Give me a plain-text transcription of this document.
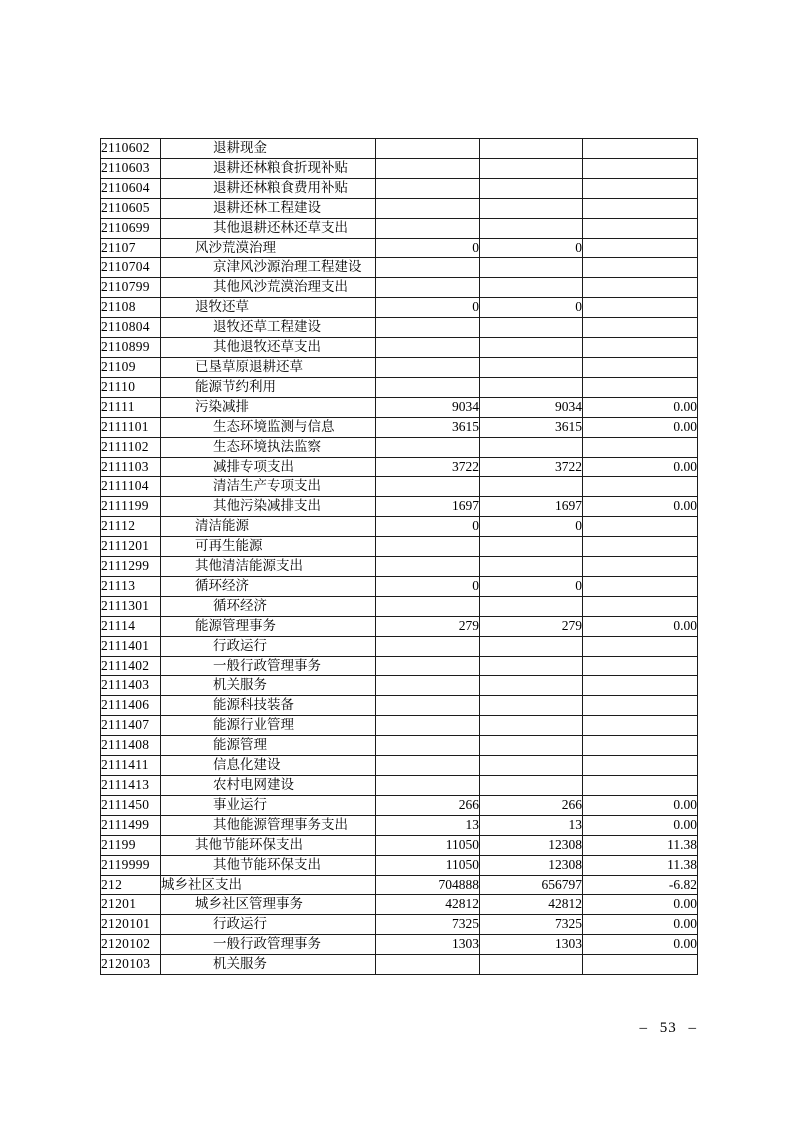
2110602	退耕现金			
2110603	退耕还林粮食折现补贴			
2110604	退耕还林粮食费用补贴			
2110605	退耕还林工程建设			
2110699	其他退耕还林还草支出			
21107	风沙荒漠治理	0	0	
2110704	京津风沙源治理工程建设			
2110799	其他风沙荒漠治理支出			
21108	退牧还草	0	0	
2110804	退牧还草工程建设			
2110899	其他退牧还草支出			
21109	已垦草原退耕还草			
21110	能源节约利用			
21111	污染减排	9034	9034	0.00
2111101	生态环境监测与信息	3615	3615	0.00
2111102	生态环境执法监察			
2111103	减排专项支出	3722	3722	0.00
2111104	清洁生产专项支出			
2111199	其他污染减排支出	1697	1697	0.00
21112	清洁能源	0	0	
2111201	可再生能源			
2111299	其他清洁能源支出			
21113	循环经济	0	0	
2111301	循环经济			
21114	能源管理事务	279	279	0.00
2111401	行政运行			
2111402	一般行政管理事务			
2111403	机关服务			
2111406	能源科技装备			
2111407	能源行业管理			
2111408	能源管理			
2111411	信息化建设			
2111413	农村电网建设			
2111450	事业运行	266	266	0.00
2111499	其他能源管理事务支出	13	13	0.00
21199	其他节能环保支出	11050	12308	11.38
2119999	其他节能环保支出	11050	12308	11.38
212	城乡社区支出	704888	656797	-6.82
21201	城乡社区管理事务	42812	42812	0.00
2120101	行政运行	7325	7325	0.00
2120102	一般行政管理事务	1303	1303	0.00
2120103	机关服务			
– 53 –
